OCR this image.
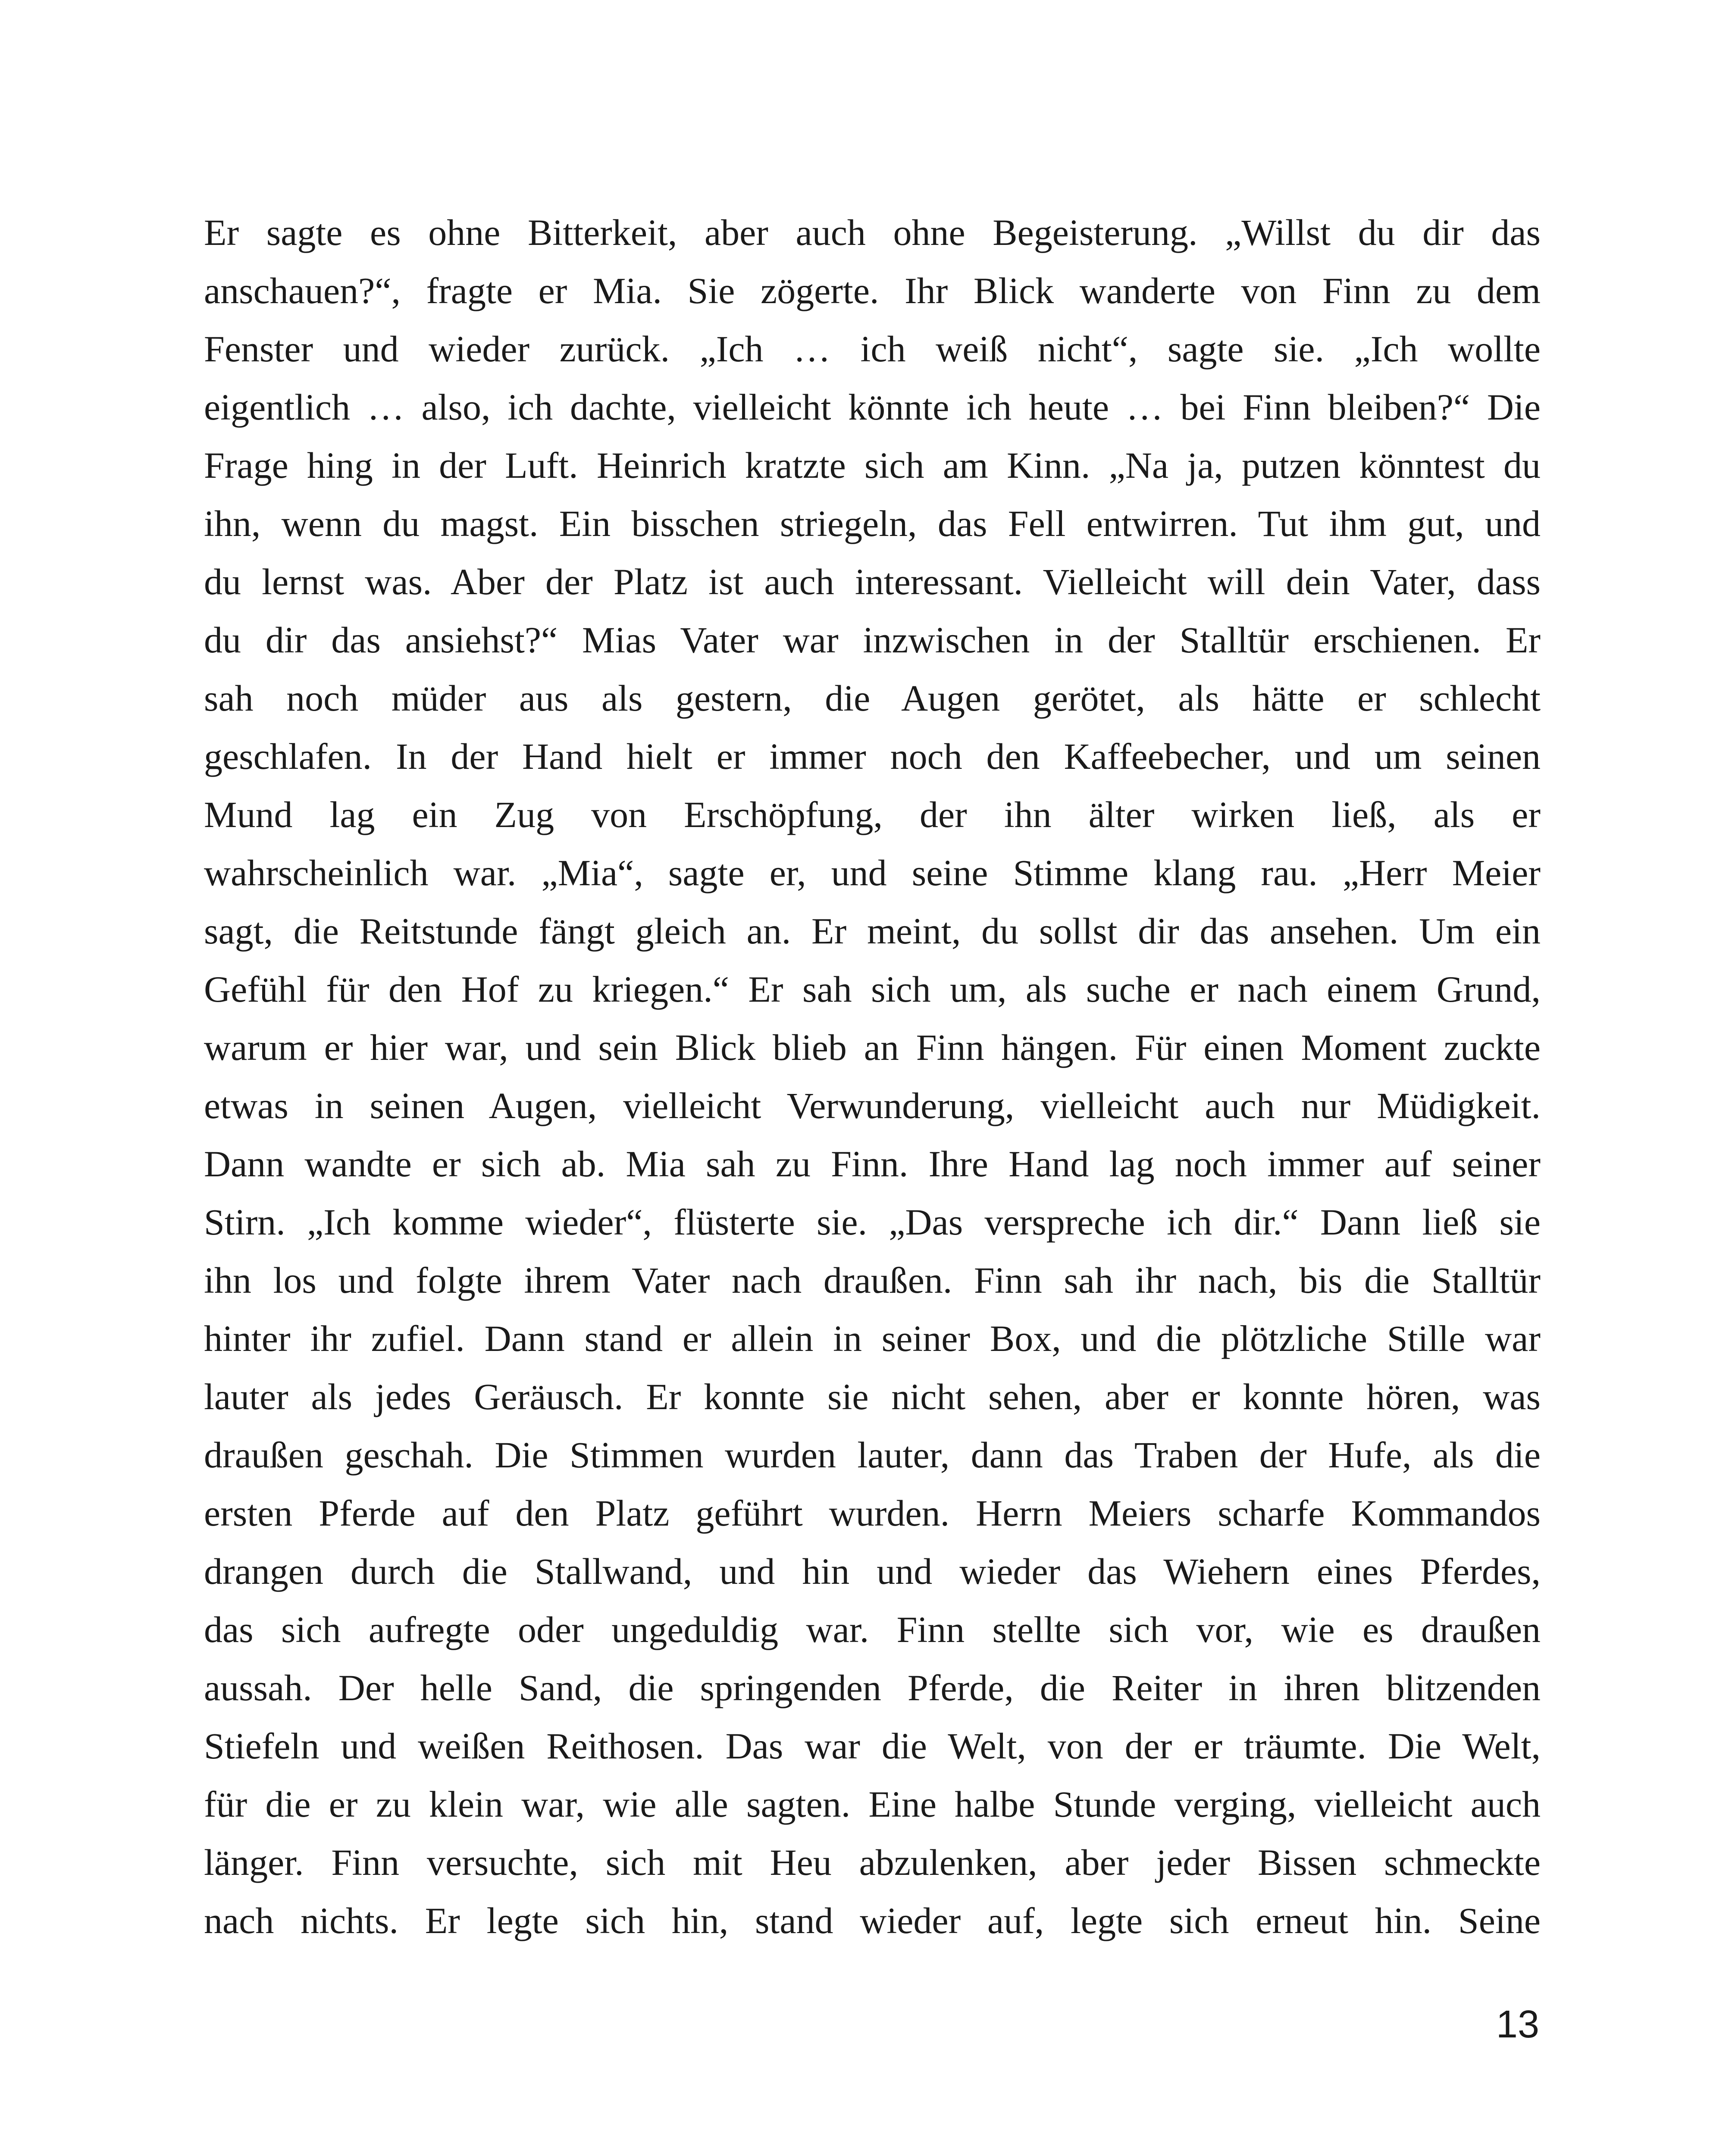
Er sagte es ohne Bitterkeit, aber auch ohne Begeisterung. „Willst du dir das
anschauen?“, fragte er Mia. Sie zögerte. Ihr Blick wanderte von Finn zu dem
Fenster und wieder zurück. „Ich … ich weiß nicht“, sagte sie. „Ich wollte
eigentlich … also, ich dachte, vielleicht könnte ich heute … bei Finn bleiben?“ Die
Frage hing in der Luft. Heinrich kratzte sich am Kinn. „Na ja, putzen könntest du
ihn, wenn du magst. Ein bisschen striegeln, das Fell entwirren. Tut ihm gut, und
du lernst was. Aber der Platz ist auch interessant. Vielleicht will dein Vater, dass
du dir das ansiehst?“ Mias Vater war inzwischen in der Stalltür erschienen. Er
sah noch müder aus als gestern, die Augen gerötet, als hätte er schlecht
geschlafen. In der Hand hielt er immer noch den Kaffeebecher, und um seinen
Mund lag ein Zug von Erschöpfung, der ihn älter wirken ließ, als er
wahrscheinlich war. „Mia“, sagte er, und seine Stimme klang rau. „Herr Meier
sagt, die Reitstunde fängt gleich an. Er meint, du sollst dir das ansehen. Um ein
Gefühl für den Hof zu kriegen.“ Er sah sich um, als suche er nach einem Grund,
warum er hier war, und sein Blick blieb an Finn hängen. Für einen Moment zuckte
etwas in seinen Augen, vielleicht Verwunderung, vielleicht auch nur Müdigkeit.
Dann wandte er sich ab. Mia sah zu Finn. Ihre Hand lag noch immer auf seiner
Stirn. „Ich komme wieder“, flüsterte sie. „Das verspreche ich dir.“ Dann ließ sie
ihn los und folgte ihrem Vater nach draußen. Finn sah ihr nach, bis die Stalltür
hinter ihr zufiel. Dann stand er allein in seiner Box, und die plötzliche Stille war
lauter als jedes Geräusch. Er konnte sie nicht sehen, aber er konnte hören, was
draußen geschah. Die Stimmen wurden lauter, dann das Traben der Hufe, als die
ersten Pferde auf den Platz geführt wurden. Herrn Meiers scharfe Kommandos
drangen durch die Stallwand, und hin und wieder das Wiehern eines Pferdes,
das sich aufregte oder ungeduldig war. Finn stellte sich vor, wie es draußen
aussah. Der helle Sand, die springenden Pferde, die Reiter in ihren blitzenden
Stiefeln und weißen Reithosen. Das war die Welt, von der er träumte. Die Welt,
für die er zu klein war, wie alle sagten. Eine halbe Stunde verging, vielleicht auch
länger. Finn versuchte, sich mit Heu abzulenken, aber jeder Bissen schmeckte
nach nichts. Er legte sich hin, stand wieder auf, legte sich erneut hin. Seine
13
